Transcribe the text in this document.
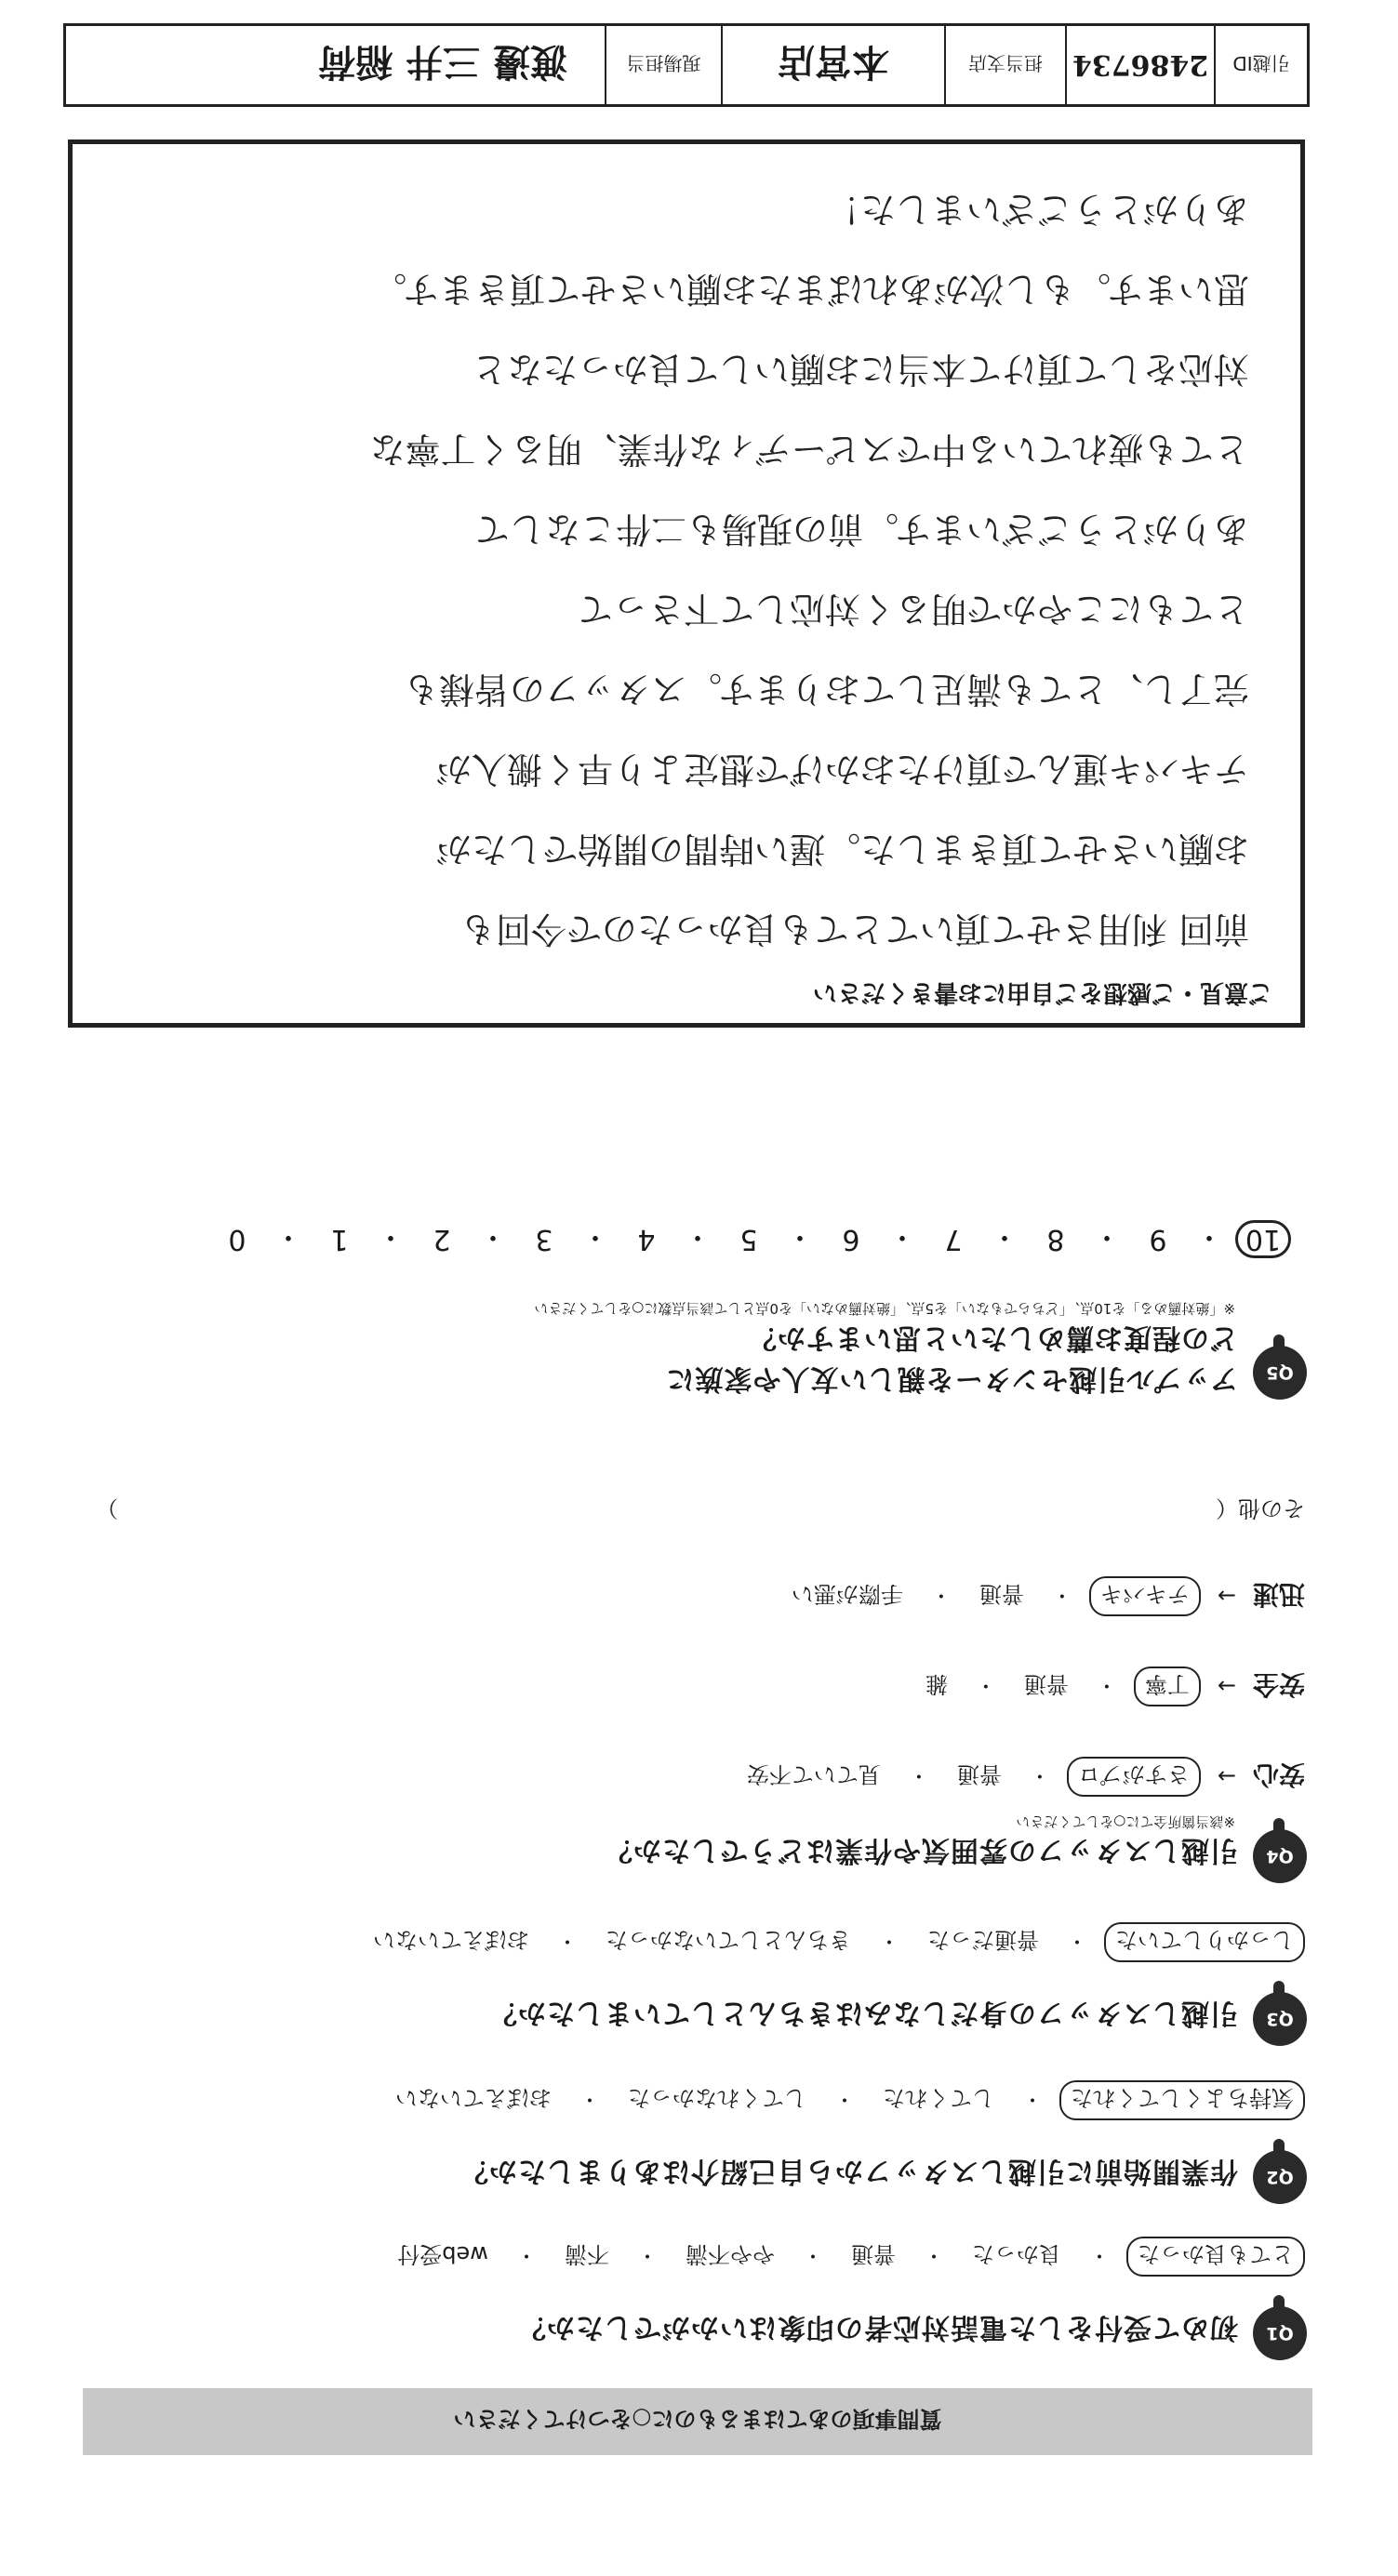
引越ID
2486734
担当支店
本宮店
現場担当
渡邊 三井 稲荷
質問事項のあてはまるものに○をつけてください
Q1
初めて受付をした電話対応者の印象はいかがでしたか？
とても良かった
・
良かった
・
普通
・
やや不満
・
不満
・
web受付
Q2
作業開始前に引越しスタッフから自己紹介はありましたか？
気持ちよくしてくれた
・
してくれた
・
してくれなかった
・
おぼえていない
Q3
引越しスタッフの身だしなみはきちんとしていましたか？
しっかりしていた
・
普通だった
・
きちんとしていなかった
・
おぼえていない
Q4
引越しスタッフの雰囲気や作業はどうでしたか？
※該当箇所全てに○をしてください
安心
→
さすがプロ
・
普通
・
見ていて不安
安全
→
丁寧
・
普通
・
雑
迅速
→
テキパキ
・
普通
・
手際が悪い
その他（
）
Q5
アップル引越センターを親しい友人や家族に
どの程度お薦めしたいと思いますか？
※「絶対薦める」を10点、「どちらでもない」を5点、「絶対薦めない」を0点として該当点数に○をしてください
10
・
9
・
8
・
7
・
6
・
5
・
4
・
3
・
2
・
1
・
0
ご意見・ご感想をご自由にお書きください
前回 利用させて頂いてとても良かったので今回も
お願いさせて頂きました。遅い時間の開始でしたが
テキパキ運んで頂けたおかげで想定より早く搬入が
完了し、とても満足しております。スタッフの皆様も
とてもにこやかで明るく対応して下さって
ありがとうございます。前の現場も二件こなして
とても疲れている中でスピーディな作業、明るく丁寧な
対応をして頂けて本当にお願いして良かったなと
思います。もし次があればまたお願いさせて頂きます。
ありがとうございました！
